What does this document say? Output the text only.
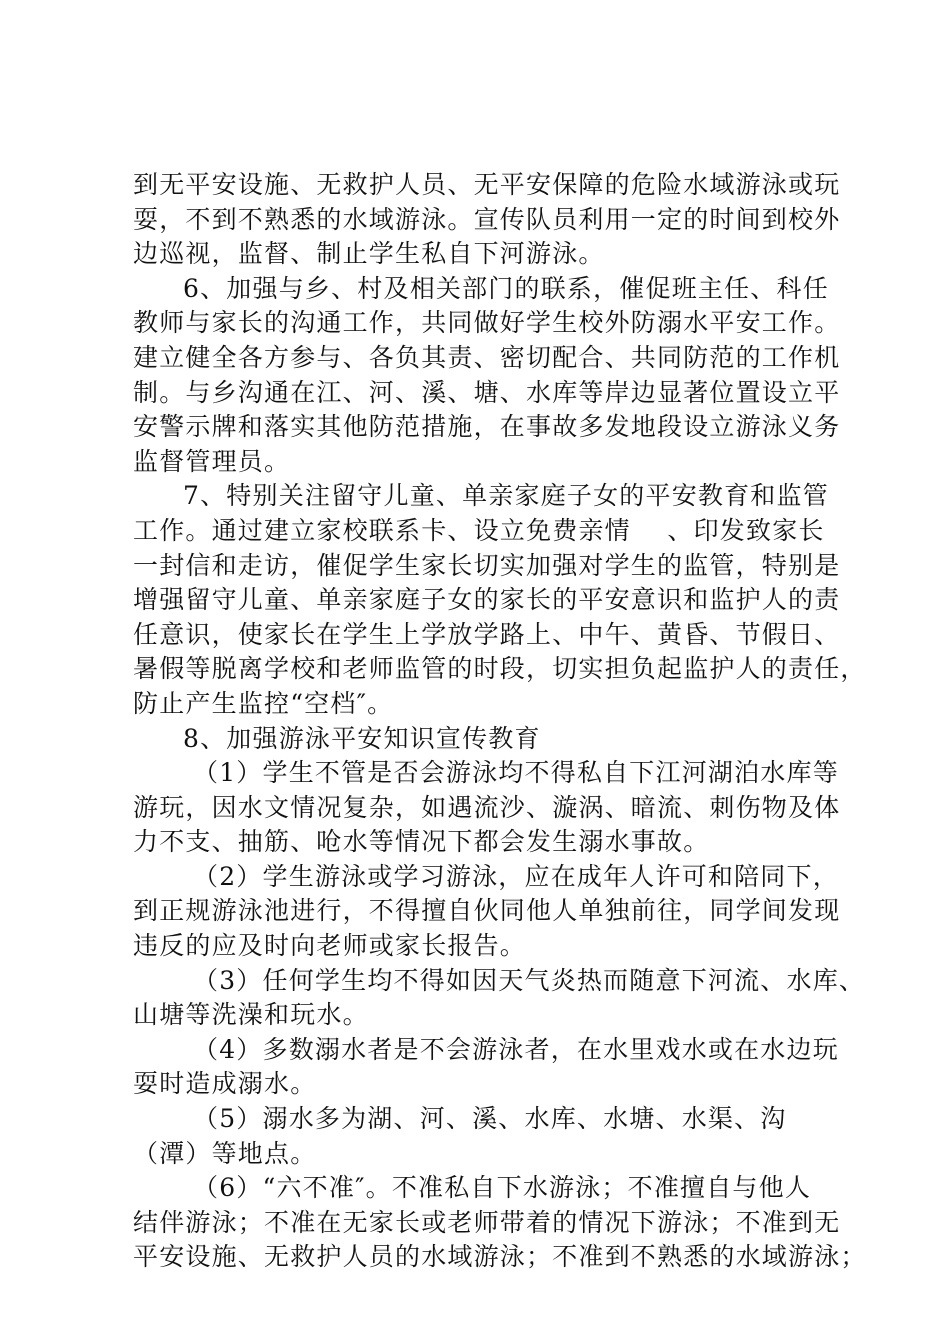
到无平安设施、无救护人员、无平安保障的危险水域游泳或玩
耍，不到不熟悉的水域游泳。宣传队员利用一定的时间到校外
边巡视，监督、制止学生私自下河游泳。
6、加强与乡、村及相关部门的联系，催促班主任、科任
教师与家长的沟通工作，共同做好学生校外防溺水平安工作。
建立健全各方参与、各负其责、密切配合、共同防范的工作机
制。与乡沟通在江、河、溪、塘、水库等岸边显著位置设立平
安警示牌和落实其他防范措施，在事故多发地段设立游泳义务
监督管理员。
7、特别关注留守儿童、单亲家庭子女的平安教育和监管
工作。通过建立家校联系卡、设立免费亲情    、印发致家长
一封信和走访，催促学生家长切实加强对学生的监管，特别是
增强留守儿童、单亲家庭子女的家长的平安意识和监护人的责
任意识，使家长在学生上学放学路上、中午、黄昏、节假日、
暑假等脱离学校和老师监管的时段，切实担负起监护人的责任，
防止产生监控“空档″。
8、加强游泳平安知识宣传教育
（1）学生不管是否会游泳均不得私自下江河湖泊水库等
游玩，因水文情况复杂，如遇流沙、漩涡、暗流、刺伤物及体
力不支、抽筋、呛水等情况下都会发生溺水事故。
（2）学生游泳或学习游泳，应在成年人许可和陪同下，
到正规游泳池进行，不得擅自伙同他人单独前往，同学间发现
违反的应及时向老师或家长报告。
（3）任何学生均不得如因天气炎热而随意下河流、水库、
山塘等洗澡和玩水。
（4）多数溺水者是不会游泳者，在水里戏水或在水边玩
耍时造成溺水。
（5）溺水多为湖、河、溪、水库、水塘、水渠、沟
（潭）等地点。
（6）“六不准″。不准私自下水游泳；不准擅自与他人
结伴游泳；不准在无家长或老师带着的情况下游泳；不准到无
平安设施、无救护人员的水域游泳；不准到不熟悉的水域游泳；
